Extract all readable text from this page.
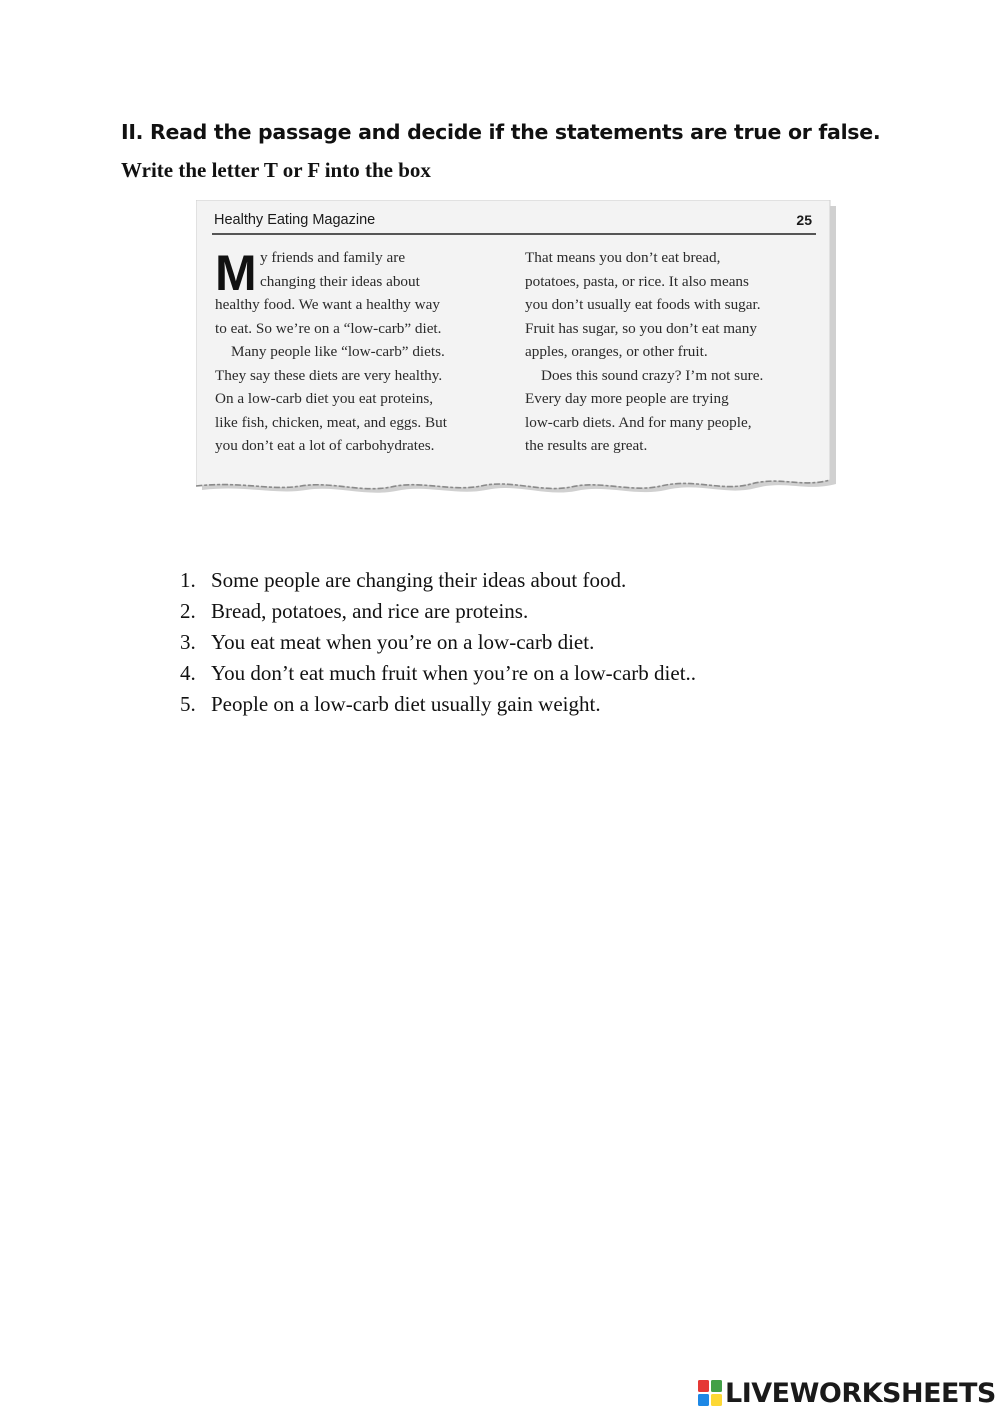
II. Read the passage and decide if the statements are true or false.
Write the letter T or F into the box
Healthy Eating Magazine	25
M y friends and family are
changing their ideas about
healthy food. We want a healthy way
to eat. So we’re on a “low-carb” diet.
Many people like “low-carb” diets.
They say these diets are very healthy.
On a low-carb diet you eat proteins,
like fish, chicken, meat, and eggs. But
you don’t eat a lot of carbohydrates.
That means you don’t eat bread,
potatoes, pasta, or rice. It also means
you don’t usually eat foods with sugar.
Fruit has sugar, so you don’t eat many
apples, oranges, or other fruit.
Does this sound crazy? I’m not sure.
Every day more people are trying
low-carb diets. And for many people,
the results are great.
1. Some people are changing their ideas about food.
2. Bread, potatoes, and rice are proteins.
3. You eat meat when you’re on a low-carb diet.
4. You don’t eat much fruit when you’re on a low-carb diet..
5. People on a low-carb diet usually gain weight.
LIVEWORKSHEETS
